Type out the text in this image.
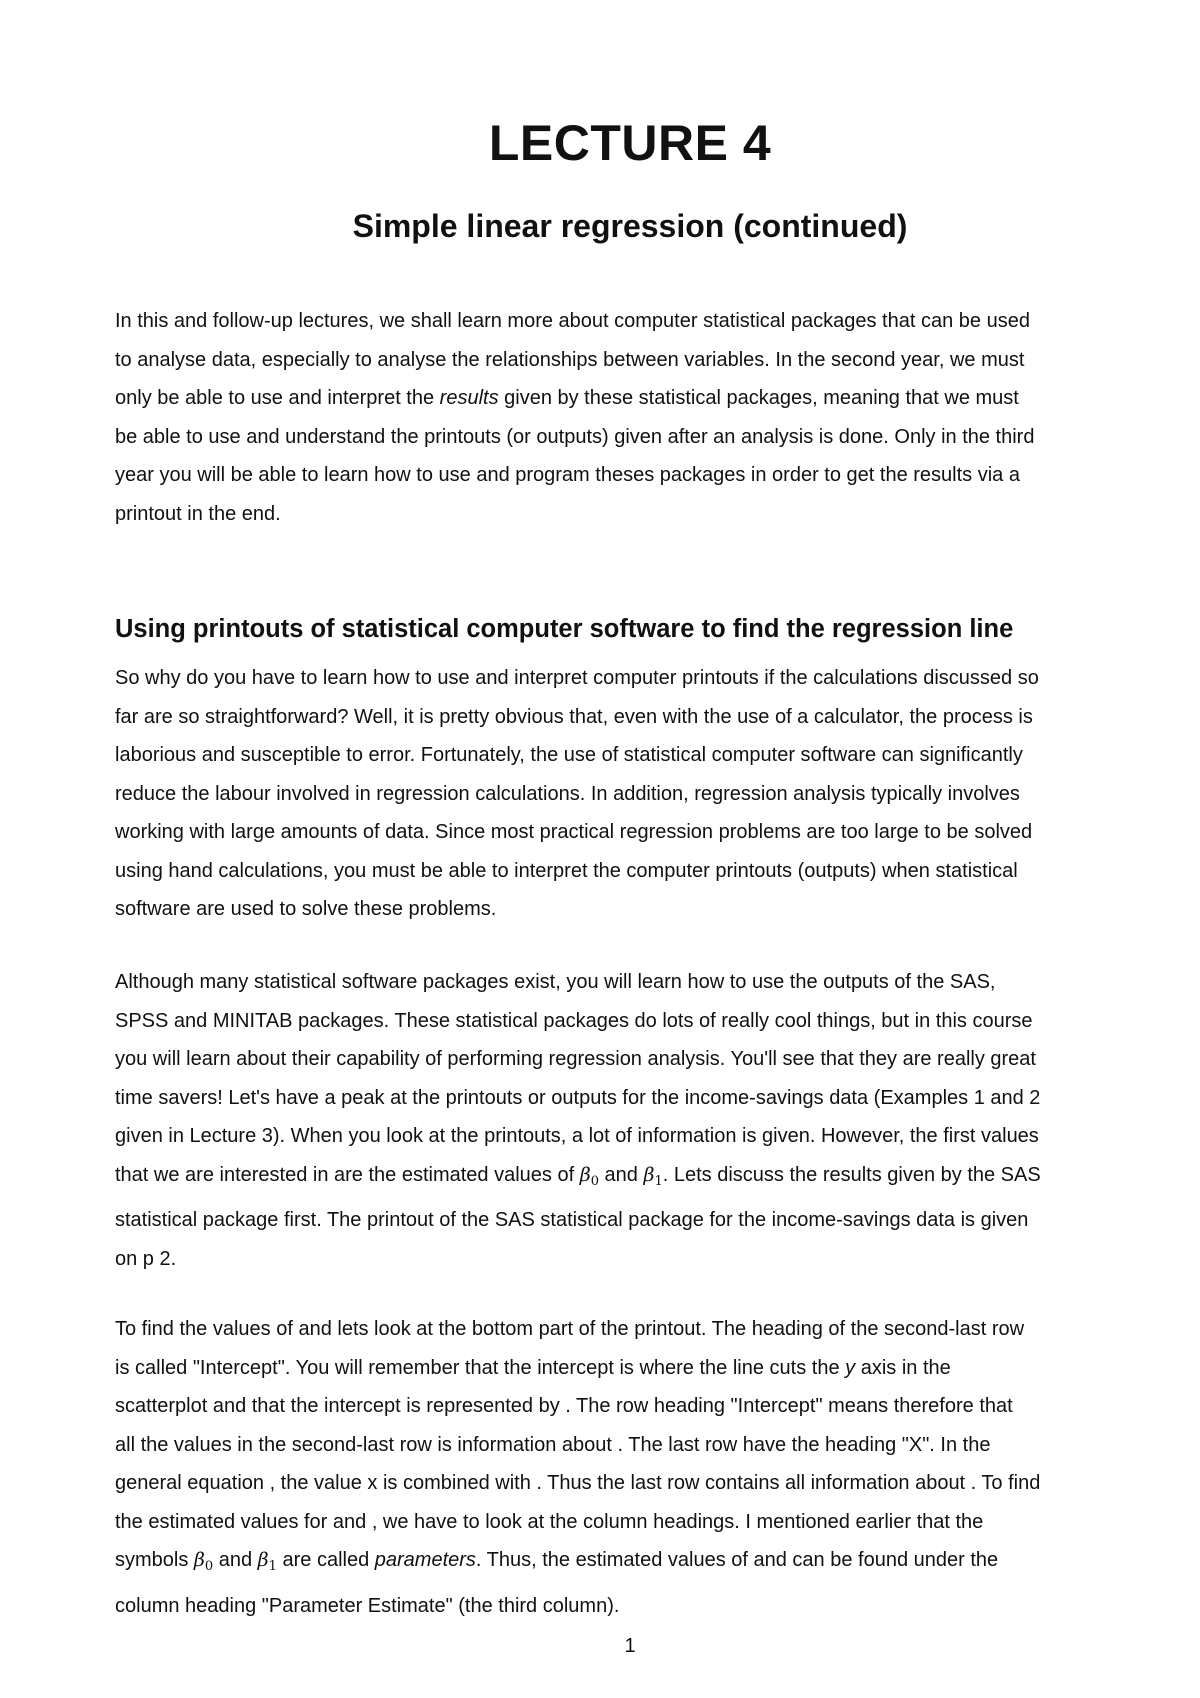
LECTURE 4
Simple linear regression (continued)

In this and follow-up lectures, we shall learn more about computer statistical packages that can be used
to analyse data, especially to analyse the relationships between variables. In the second year, we must
only be able to use and interpret the results given by these statistical packages, meaning that we must
be able to use and understand the printouts (or outputs) given after an analysis is done. Only in the third
year you will be able to learn how to use and program theses packages in order to get the results via a
printout in the end.

Using printouts of statistical computer software to find the regression line

So why do you have to learn how to use and interpret computer printouts if the calculations discussed so
far are so straightforward? Well, it is pretty obvious that, even with the use of a calculator, the process is
laborious and susceptible to error. Fortunately, the use of statistical computer software can significantly
reduce the labour involved in regression calculations. In addition, regression analysis typically involves
working with large amounts of data. Since most practical regression problems are too large to be solved
using hand calculations, you must be able to interpret the computer printouts (outputs) when statistical
software are used to solve these problems.

Although many statistical software packages exist, you will learn how to use the outputs of the SAS,
SPSS and MINITAB packages. These statistical packages do lots of really cool things, but in this course
you will learn about their capability of performing regression analysis. You'll see that they are really great
time savers! Let's have a peak at the printouts or outputs for the income-savings data (Examples 1 and 2
given in Lecture 3). When you look at the printouts, a lot of information is given. However, the first values
that we are interested in are the estimated values of $\beta_0$ and $\beta_1$. Lets discuss the results given by the SAS
statistical package first. The printout of the SAS statistical package for the income-savings data is given
on p 2.

To find the values of and lets look at the bottom part of the printout. The heading of the second-last row
is called "Intercept". You will remember that the intercept is where the line cuts the y axis in the
scatterplot and that the intercept is represented by . The row heading "Intercept" means therefore that
all the values in the second-last row is information about . The last row have the heading "X". In the
general equation , the value x is combined with . Thus the last row contains all information about . To find
the estimated values for and , we have to look at the column headings. I mentioned earlier that the
symbols $\beta_0$ and $\beta_1$ are called parameters. Thus, the estimated values of and can be found under the
column heading "Parameter Estimate" (the third column).

1
